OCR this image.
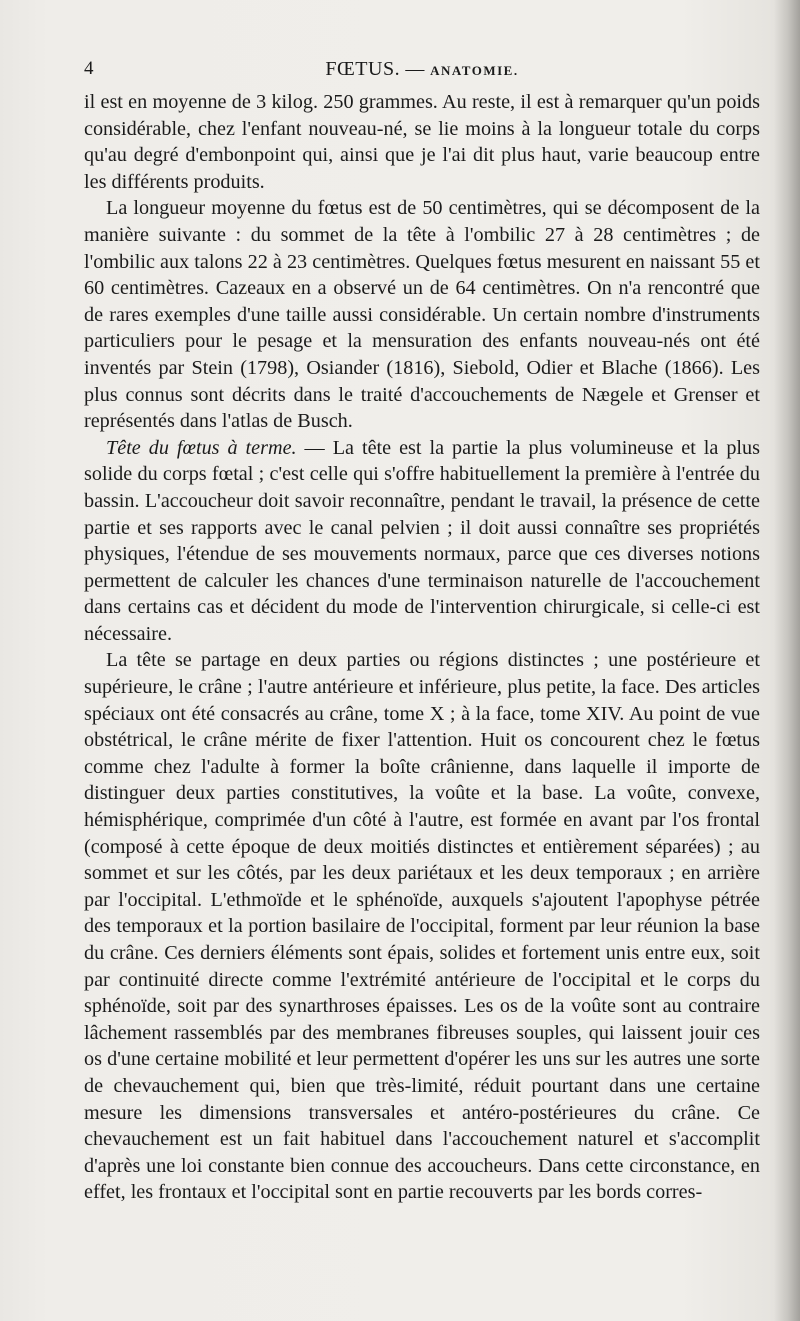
4	FŒTUS. — ANATOMIE.

il est en moyenne de 3 kilog. 250 grammes. Au reste, il est à remarquer qu'un poids considérable, chez l'enfant nouveau-né, se lie moins à la longueur totale du corps qu'au degré d'embonpoint qui, ainsi que je l'ai dit plus haut, varie beaucoup entre les différents produits.

La longueur moyenne du fœtus est de 50 centimètres, qui se décomposent de la manière suivante : du sommet de la tête à l'ombilic 27 à 28 centimètres ; de l'ombilic aux talons 22 à 23 centimètres. Quelques fœtus mesurent en naissant 55 et 60 centimètres. Cazeaux en a observé un de 64 centimètres. On n'a rencontré que de rares exemples d'une taille aussi considérable. Un certain nombre d'instruments particuliers pour le pesage et la mensuration des enfants nouveau-nés ont été inventés par Stein (1798), Osiander (1816), Siebold, Odier et Blache (1866). Les plus connus sont décrits dans le traité d'accouchements de Nægele et Grenser et représentés dans l'atlas de Busch.

Tête du fœtus à terme. — La tête est la partie la plus volumineuse et la plus solide du corps fœtal ; c'est celle qui s'offre habituellement la première à l'entrée du bassin. L'accoucheur doit savoir reconnaître, pendant le travail, la présence de cette partie et ses rapports avec le canal pelvien ; il doit aussi connaître ses propriétés physiques, l'étendue de ses mouvements normaux, parce que ces diverses notions permettent de calculer les chances d'une terminaison naturelle de l'accouchement dans certains cas et décident du mode de l'intervention chirurgicale, si celle-ci est nécessaire.

La tête se partage en deux parties ou régions distinctes ; une postérieure et supérieure, le crâne ; l'autre antérieure et inférieure, plus petite, la face. Des articles spéciaux ont été consacrés au crâne, tome X ; à la face, tome XIV. Au point de vue obstétrical, le crâne mérite de fixer l'attention. Huit os concourent chez le fœtus comme chez l'adulte à former la boîte crânienne, dans laquelle il importe de distinguer deux parties constitutives, la voûte et la base. La voûte, convexe, hémisphérique, comprimée d'un côté à l'autre, est formée en avant par l'os frontal (composé à cette époque de deux moitiés distinctes et entièrement séparées) ; au sommet et sur les côtés, par les deux pariétaux et les deux temporaux ; en arrière par l'occipital. L'ethmoïde et le sphénoïde, auxquels s'ajoutent l'apophyse pétrée des temporaux et la portion basilaire de l'occipital, forment par leur réunion la base du crâne. Ces derniers éléments sont épais, solides et fortement unis entre eux, soit par continuité directe comme l'extrémité antérieure de l'occipital et le corps du sphénoïde, soit par des synarthroses épaisses. Les os de la voûte sont au contraire lâchement rassemblés par des membranes fibreuses souples, qui laissent jouir ces os d'une certaine mobilité et leur permettent d'opérer les uns sur les autres une sorte de chevauchement qui, bien que très-limité, réduit pourtant dans une certaine mesure les dimensions transversales et antéro-postérieures du crâne. Ce chevauchement est un fait habituel dans l'accouchement naturel et s'accomplit d'après une loi constante bien connue des accoucheurs. Dans cette circonstance, en effet, les frontaux et l'occipital sont en partie recouverts par les bords corres-
